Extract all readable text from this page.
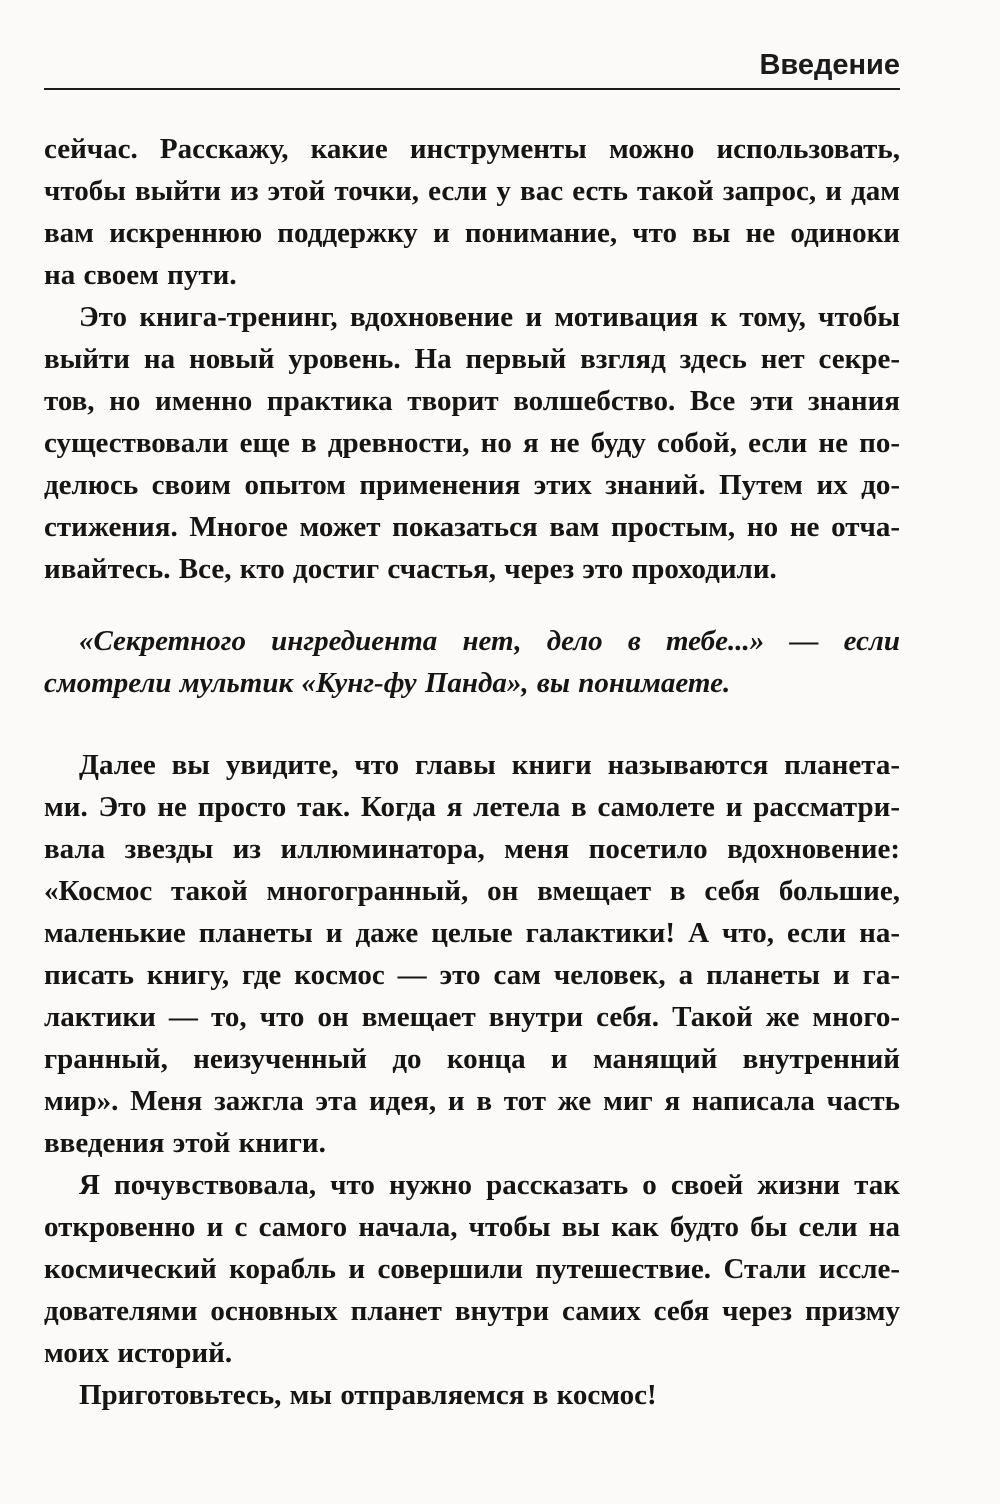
Введение

сейчас. Расскажу, какие инструменты можно использовать,
чтобы выйти из этой точки, если у вас есть такой запрос, и дам
вам искреннюю поддержку и понимание, что вы не одиноки
на своем пути.

Это книга-тренинг, вдохновение и мотивация к тому, чтобы
выйти на новый уровень. На первый взгляд здесь нет секре-
тов, но именно практика творит волшебство. Все эти знания
существовали еще в древности, но я не буду собой, если не по-
делюсь своим опытом применения этих знаний. Путем их до-
стижения. Многое может показаться вам простым, но не отча-
ивайтесь. Все, кто достиг счастья, через это проходили.

«Секретного ингредиента нет, дело в тебе...» — если
смотрели мультик «Кунг-фу Панда», вы понимаете.

Далее вы увидите, что главы книги называются планета-
ми. Это не просто так. Когда я летела в самолете и рассматри-
вала звезды из иллюминатора, меня посетило вдохновение:
«Космос такой многогранный, он вмещает в себя большие,
маленькие планеты и даже целые галактики! А что, если на-
писать книгу, где космос — это сам человек, а планеты и га-
лактики — то, что он вмещает внутри себя. Такой же много-
гранный, неизученный до конца и манящий внутренний
мир». Меня зажгла эта идея, и в тот же миг я написала часть
введения этой книги.

Я почувствовала, что нужно рассказать о своей жизни так
откровенно и с самого начала, чтобы вы как будто бы сели на
космический корабль и совершили путешествие. Стали иссле-
дователями основных планет внутри самих себя через призму
моих историй.

Приготовьтесь, мы отправляемся в космос!
